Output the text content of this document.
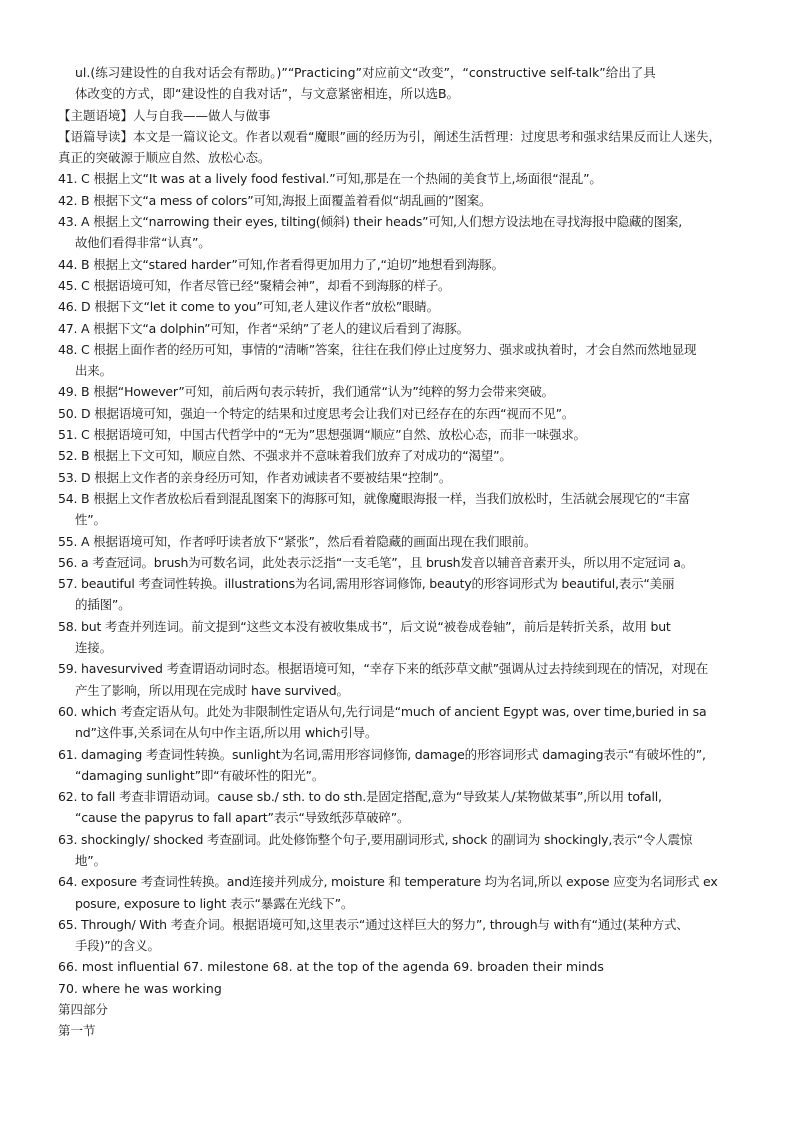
ul.(练习建设性的自我对话会有帮助。)”“Practicing”对应前文“改变”，“constructive self-talk”给出了具
体改变的方式，即“建设性的自我对话”，与文意紧密相连，所以选B。
【主题语境】人与自我——做人与做事
【语篇导读】本文是一篇议论文。作者以观看“魔眼”画的经历为引，阐述生活哲理：过度思考和强求结果反而让人迷失，
真正的突破源于顺应自然、放松心态。
41. C 根据上文“It was at a lively food festival.”可知,那是在一个热闹的美食节上,场面很“混乱”。
42. B 根据下文“a mess of colors”可知,海报上面覆盖着看似“胡乱画的”图案。
43. A 根据上文“narrowing their eyes, tilting(倾斜) their heads”可知,人们想方设法地在寻找海报中隐藏的图案,
故他们看得非常“认真”。
44. B 根据上文“stared harder”可知,作者看得更加用力了,“迫切”地想看到海豚。
45. C 根据语境可知，作者尽管已经“聚精会神”，却看不到海豚的样子。
46. D 根据下文“let it come to you”可知,老人建议作者“放松”眼睛。
47. A 根据下文“a dolphin”可知，作者“采纳”了老人的建议后看到了海豚。
48. C 根据上面作者的经历可知，事情的“清晰”答案，往往在我们停止过度努力、强求或执着时，才会自然而然地显现
出来。
49. B 根据“However”可知，前后两句表示转折，我们通常“认为”纯粹的努力会带来突破。
50. D 根据语境可知，强迫一个特定的结果和过度思考会让我们对已经存在的东西“视而不见”。
51. C 根据语境可知，中国古代哲学中的“无为”思想强调“顺应”自然、放松心态，而非一味强求。
52. B 根据上下文可知，顺应自然、不强求并不意味着我们放弃了对成功的“渴望”。
53. D 根据上文作者的亲身经历可知，作者劝诫读者不要被结果“控制”。
54. B 根据上文作者放松后看到混乱图案下的海豚可知，就像魔眼海报一样，当我们放松时，生活就会展现它的“丰富
性”。
55. A 根据语境可知，作者呼吁读者放下“紧张”，然后看着隐藏的画面出现在我们眼前。
56. a 考查冠词。brush为可数名词，此处表示泛指“一支毛笔”，且 brush发音以辅音音素开头，所以用不定冠词 a。
57. beautiful 考查词性转换。illustrations为名词,需用形容词修饰, beauty的形容词形式为 beautiful,表示“美丽
的插图”。
58. but 考查并列连词。前文提到“这些文本没有被收集成书”，后文说“被卷成卷轴”，前后是转折关系，故用 but
连接。
59. havesurvived 考查谓语动词时态。根据语境可知，“幸存下来的纸莎草文献”强调从过去持续到现在的情况，对现在
产生了影响，所以用现在完成时 have survived。
60. which 考查定语从句。此处为非限制性定语从句,先行词是“much of ancient Egypt was, over time,buried in sa
nd”这件事,关系词在从句中作主语,所以用 which引导。
61. damaging 考查词性转换。sunlight为名词,需用形容词修饰, damage的形容词形式 damaging表示“有破坏性的”,
“damaging sunlight”即“有破坏性的阳光”。
62. to fall 考查非谓语动词。cause sb./ sth. to do sth.是固定搭配,意为“导致某人/某物做某事”,所以用 tofall,
“cause the papyrus to fall apart”表示“导致纸莎草破碎”。
63. shockingly/ shocked 考查副词。此处修饰整个句子,要用副词形式, shock 的副词为 shockingly,表示“令人震惊
地”。
64. exposure 考查词性转换。and连接并列成分, moisture 和 temperature 均为名词,所以 expose 应变为名词形式 ex
posure, exposure to light 表示“暴露在光线下”。
65. Through/ With 考查介词。根据语境可知,这里表示“通过这样巨大的努力”, through与 with有“通过(某种方式、
手段)”的含义。
66. most influential 67. milestone 68. at the top of the agenda 69. broaden their minds
70. where he was working
第四部分
第一节
